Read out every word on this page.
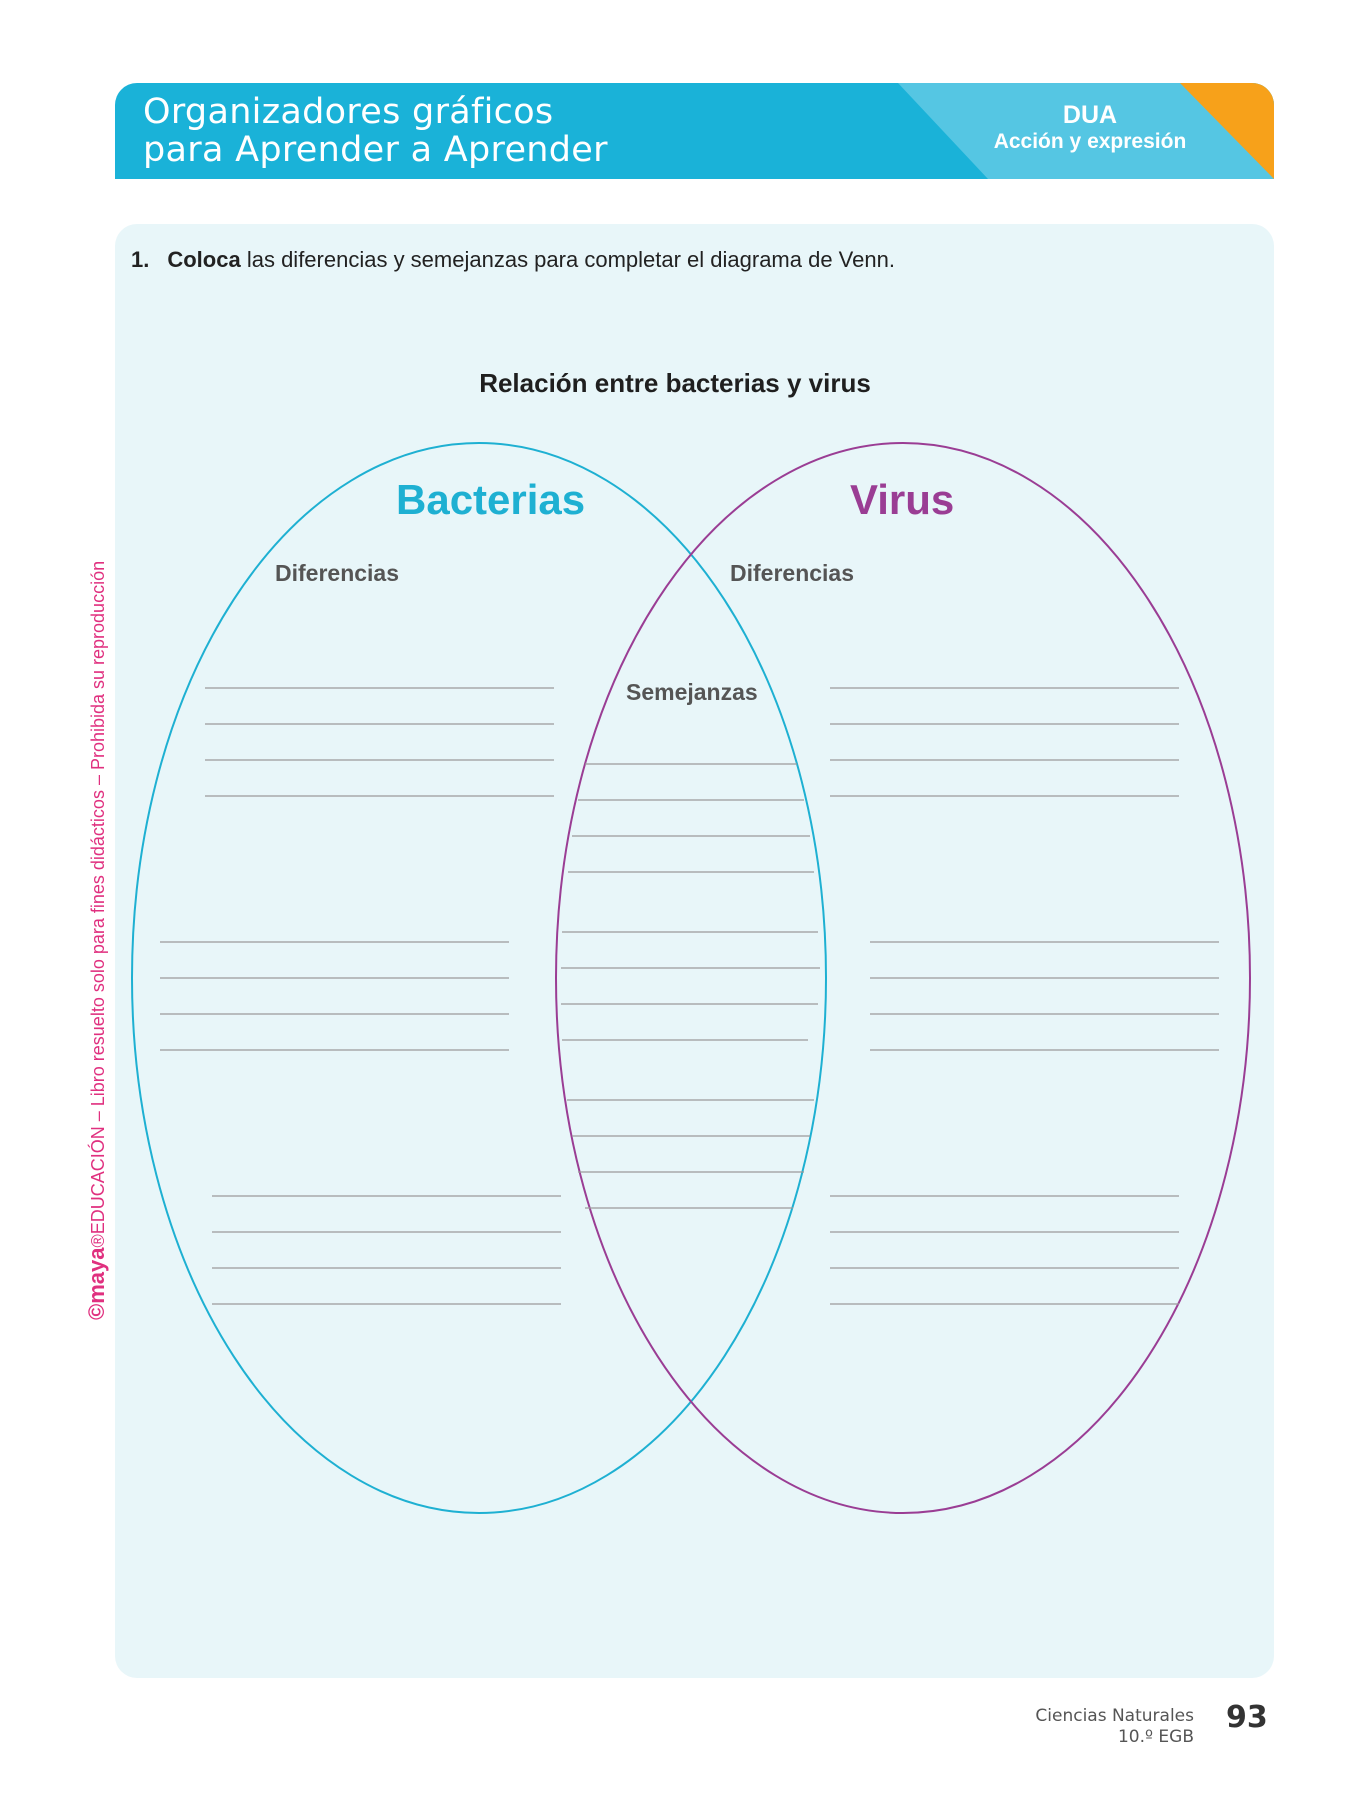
Organizadores gráficos
para Aprender a Aprender
DUA
Acción y expresión
1. Coloca las diferencias y semejanzas para completar el diagrama de Venn.
Relación entre bacterias y virus
Bacterias	Virus
Diferencias	Diferencias
Semejanzas
©maya®EDUCACIÓN – Libro resuelto solo para fines didácticos – Prohibida su reproducción
Ciencias Naturales
10.º EGB
93
